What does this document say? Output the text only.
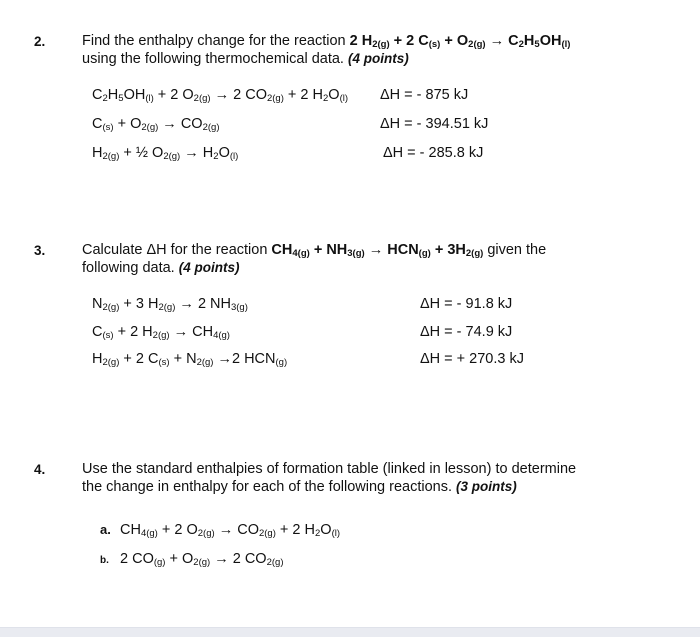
2.	Find the enthalpy change for the reaction 2 $H_{2(g)} + 2$ $C_{(s)} + O_{2(g)} \to C_2H_5OH_{(l)}$
using the following thermochemical data. (4 points)
$C_2H_5OH_{(l)} + 2$ $O_{2(g)} \to 2$ $CO_{2(g)} + 2$ $H_2O_{(l)}$ ΔH = - 875 kJ
$C_{(s)} + O_{2(g)} \to CO_{2(g)}$	ΔH = - 394.51 kJ
$H_{2(g)}$ + ½ $O_{2(g)} \to H_2O_{(l)}$	ΔH = - 285.8 kJ
3.	Calculate ΔH for the reaction $CH_{4(g)} + NH_{3(g)} \to HCN_{(g)} + 3H_{2(g)}$ given the
following data. (4 points)
$N_{2(g)} + 3$ $H_{2(g)} \to 2$ $NH_{3(g)}$	ΔH = - 91.8 kJ
$C_{(s)} + 2$ $H_{2(g)} \to CH_{4(g)}$	ΔH = - 74.9 kJ
$H_{2(g)} + 2$ $C_{(s)} + N_{2(g)} \to 2$ $HCN_{(g)}$	ΔH = + 270.3 kJ
4.	Use the standard enthalpies of formation table (linked in lesson) to determine
the change in enthalpy for each of the following reactions. (3 points)
a. $CH_{4(g)} + 2$ $O_{2(g)} \to CO_{2(g)} + 2$ $H_2O_{(l)}$
b. 2 $CO_{(g)} + O_{2(g)} \to 2$ $CO_{2(g)}$
